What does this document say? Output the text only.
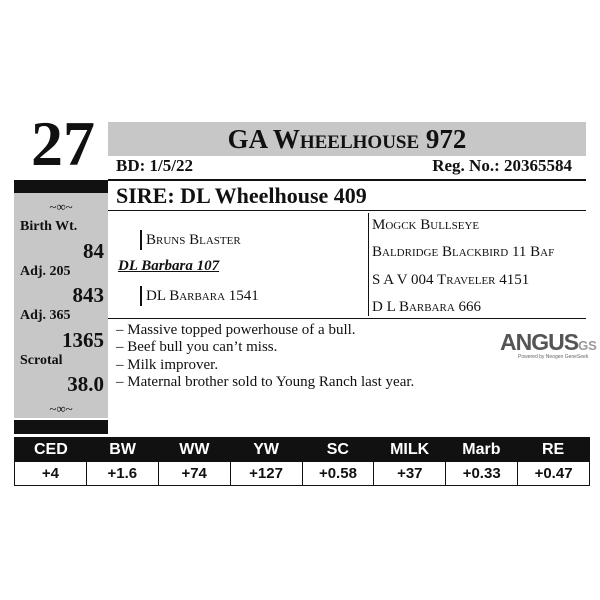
27	GA Wheelhouse 972
BD: 1/5/22	Reg. No.: 20365584
~∞~
Birth Wt.
84
Adj. 205
843
Adj. 365
1365
Scrotal
38.0
~∞~
SIRE: DL Wheelhouse 409
Bruns Blaster
DL Barbara 107
DL Barbara 1541
Mogck Bullseye
Baldridge Blackbird 11 Baf
S A V 004 Traveler 4151
D L Barbara 666
– Massive topped powerhouse of a bull.
– Beef bull you can’t miss.
– Milk improver.
– Maternal brother sold to Young Ranch last year.
ANGUSGS
Powered by Neogen GeneSeek
CED	BW	WW	YW	SC	MILK	Marb	RE
+4	+1.6	+74	+127	+0.58	+37	+0.33	+0.47
